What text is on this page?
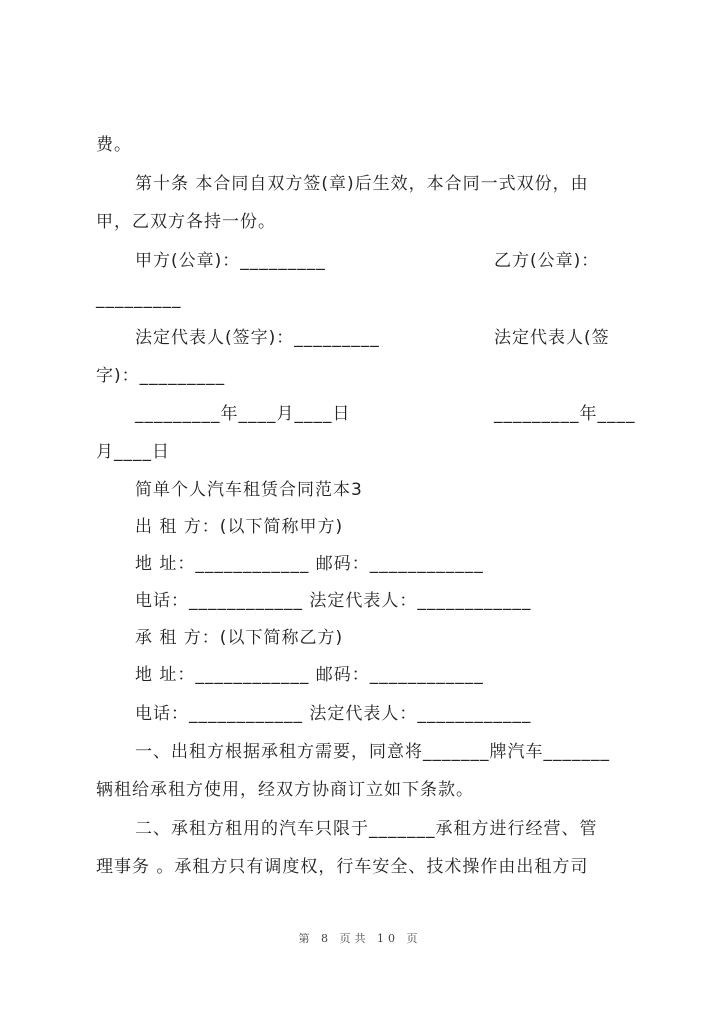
费。
第十条 本合同自双方签(章)后生效，本合同一式双份，由
甲，乙双方各持一份。
甲方(公章)：_________	乙方(公章)：
_________
法定代表人(签字)：_________	法定代表人(签
字)：_________
_________年____月____日	_________年____
月____日
简单个人汽车租赁合同范本3
出 租 方：(以下简称甲方)
地 址：____________ 邮码：____________
电话：____________ 法定代表人：____________
承 租 方：(以下简称乙方)
地 址：____________ 邮码：____________
电话：____________ 法定代表人：____________
一、出租方根据承租方需要，同意将_______牌汽车_______
辆租给承租方使用，经双方协商订立如下条款。
二、承租方租用的汽车只限于_______承租方进行经营、管
理事务 。承租方只有调度权，行车安全、技术操作由出租方司
第 8 页共 10 页
